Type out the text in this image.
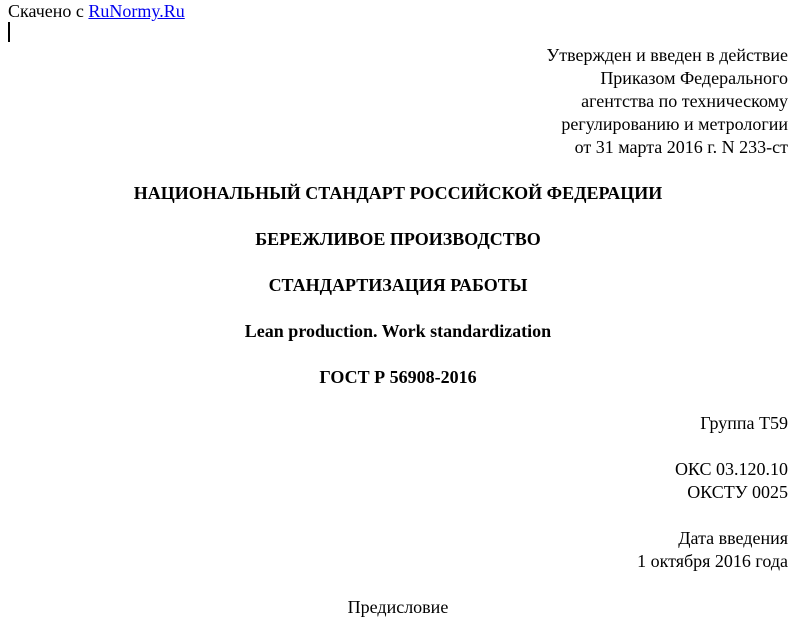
Скачено с RuNormy.Ru
Утвержден и введен в действие
Приказом Федерального
агентства по техническому
регулированию и метрологии
от 31 марта 2016 г. N 233-ст
НАЦИОНАЛЬНЫЙ СТАНДАРТ РОССИЙСКОЙ ФЕДЕРАЦИИ
БЕРЕЖЛИВОЕ ПРОИЗВОДСТВО
СТАНДАРТИЗАЦИЯ РАБОТЫ
Lean production. Work standardization
ГОСТ Р 56908-2016
Группа Т59
ОКС 03.120.10
ОКСТУ 0025
Дата введения
1 октября 2016 года
Предисловие
